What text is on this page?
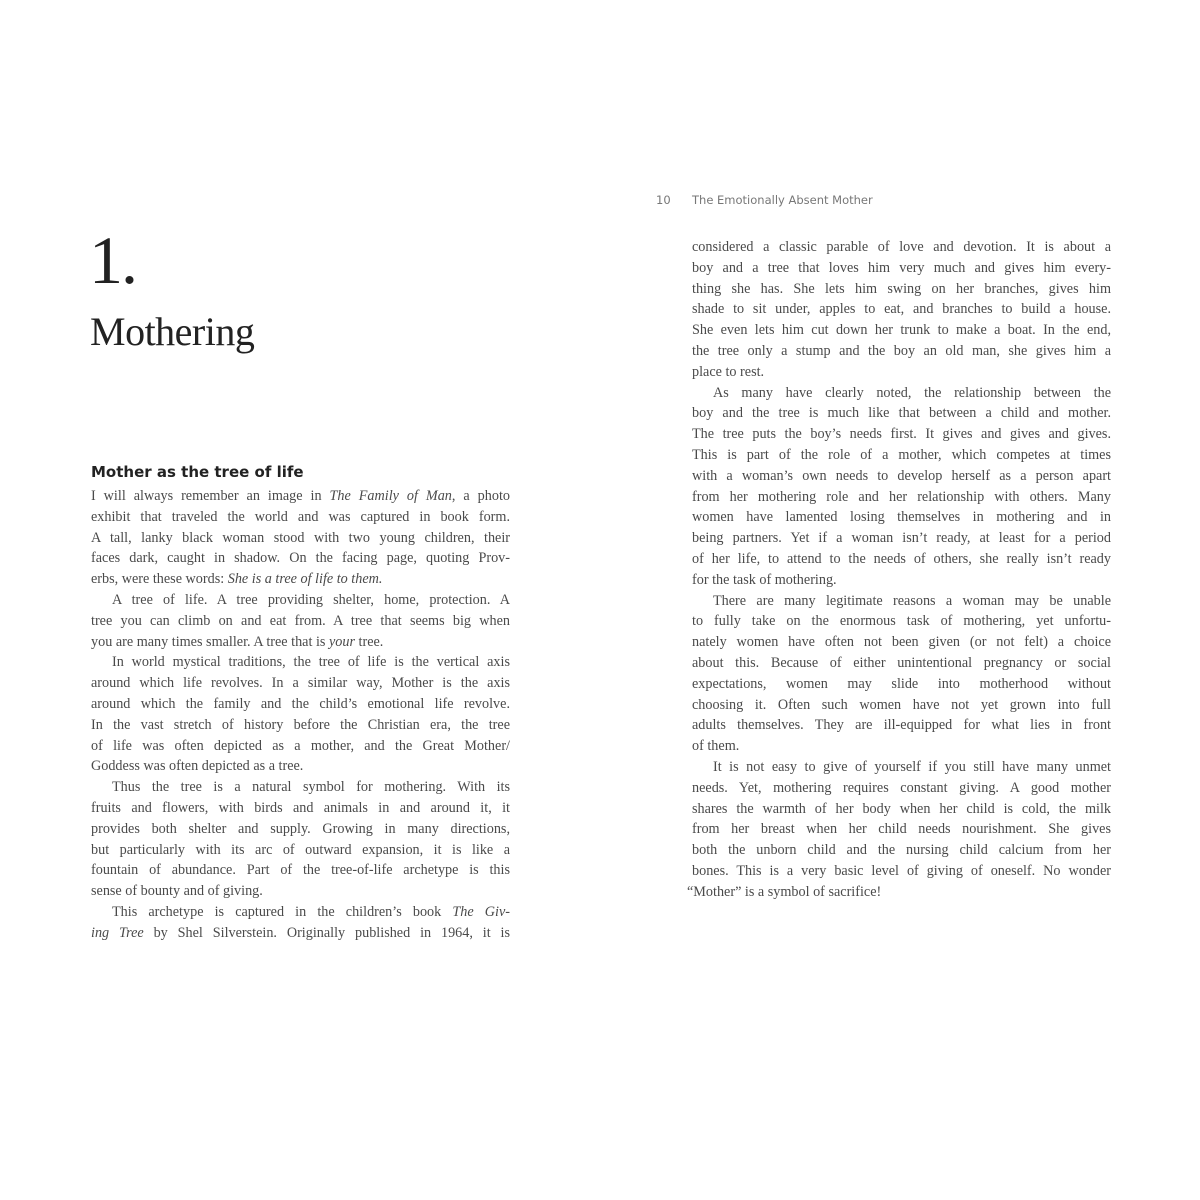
1.
Mothering
Mother as the tree of life
I will always remember an image in The Family of Man, a photo
exhibit that traveled the world and was captured in book form.
A tall, lanky black woman stood with two young children, their
faces dark, caught in shadow. On the facing page, quoting Prov-
erbs, were these words: She is a tree of life to them.
A tree of life. A tree providing shelter, home, protection. A
tree you can climb on and eat from. A tree that seems big when
you are many times smaller. A tree that is your tree.
In world mystical traditions, the tree of life is the vertical axis
around which life revolves. In a similar way, Mother is the axis
around which the family and the child’s emotional life revolve.
In the vast stretch of history before the Christian era, the tree
of life was often depicted as a mother, and the Great Mother/
Goddess was often depicted as a tree.
Thus the tree is a natural symbol for mothering. With its
fruits and flowers, with birds and animals in and around it, it
provides both shelter and supply. Growing in many directions,
but particularly with its arc of outward expansion, it is like a
fountain of abundance. Part of the tree-of-life archetype is this
sense of bounty and of giving.
This archetype is captured in the children’s book The Giv-
ing Tree by Shel Silverstein. Originally published in 1964, it is
10 The Emotionally Absent Mother
considered a classic parable of love and devotion. It is about a
boy and a tree that loves him very much and gives him every-
thing she has. She lets him swing on her branches, gives him
shade to sit under, apples to eat, and branches to build a house.
She even lets him cut down her trunk to make a boat. In the end,
the tree only a stump and the boy an old man, she gives him a
place to rest.
As many have clearly noted, the relationship between the
boy and the tree is much like that between a child and mother.
The tree puts the boy’s needs first. It gives and gives and gives.
This is part of the role of a mother, which competes at times
with a woman’s own needs to develop herself as a person apart
from her mothering role and her relationship with others. Many
women have lamented losing themselves in mothering and in
being partners. Yet if a woman isn’t ready, at least for a period
of her life, to attend to the needs of others, she really isn’t ready
for the task of mothering.
There are many legitimate reasons a woman may be unable
to fully take on the enormous task of mothering, yet unfortu-
nately women have often not been given (or not felt) a choice
about this. Because of either unintentional pregnancy or social
expectations, women may slide into motherhood without
choosing it. Often such women have not yet grown into full
adults themselves. They are ill-equipped for what lies in front
of them.
It is not easy to give of yourself if you still have many unmet
needs. Yet, mothering requires constant giving. A good mother
shares the warmth of her body when her child is cold, the milk
from her breast when her child needs nourishment. She gives
both the unborn child and the nursing child calcium from her
bones. This is a very basic level of giving of oneself. No wonder
“Mother” is a symbol of sacrifice!
